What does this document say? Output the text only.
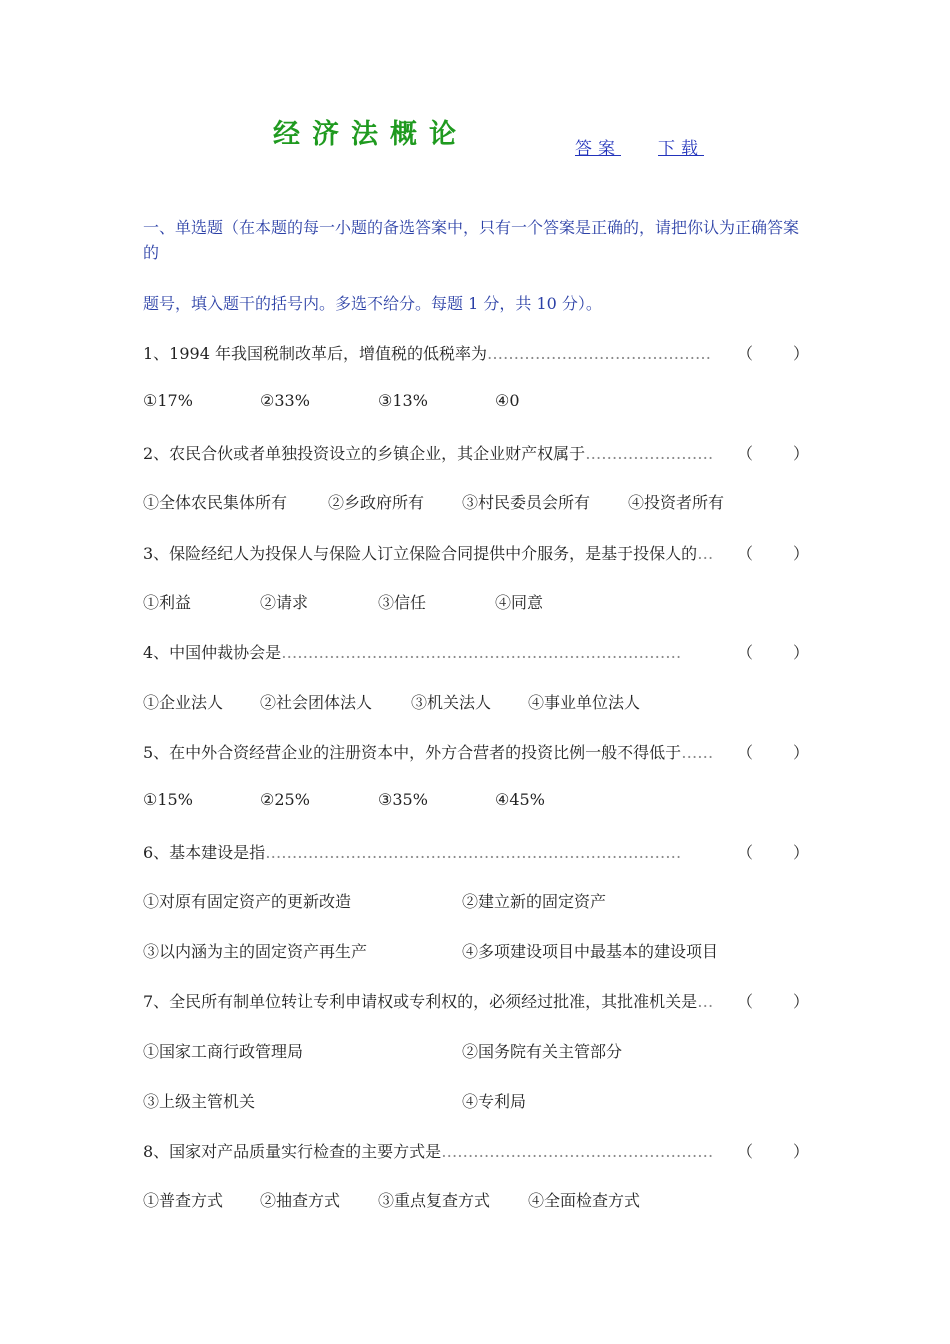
经济法概论	答案 下载
一、单选题（在本题的每一小题的备选答案中，只有一个答案是正确的，请把你认为正确答案的
题号，填入题干的括号内。多选不给分。每题 1 分，共 10 分）。
1、1994 年我国税制改革后，增值税的低税率为…………………………………… （ ）
①17%	②33%	③13%	④0
2、农民合伙或者单独投资设立的乡镇企业，其企业财产权属于…………………… （ ）
①全体农民集体所有	②乡政府所有 ③村民委员会所有 ④投资者所有
3、保险经纪人为投保人与保险人订立保险合同提供中介服务，是基于投保人的… （ ）
①利益	②请求	③信任	④同意
4、中国仲裁协会是…………………………………………………………………	（ ）
①企业法人 ②社会团体法人 ③机关法人 ④事业单位法人
5、在中外合资经营企业的注册资本中，外方合营者的投资比例一般不得低于…… （ ）
①15%	②25%	③35%	④45%
6、基本建设是指……………………………………………………………………	（ ）
①对原有固定资产的更新改造	②建立新的固定资产
③以内涵为主的固定资产再生产	④多项建设项目中最基本的建设项目
7、全民所有制单位转让专利申请权或专利权的，必须经过批准，其批准机关是… （ ）
①国家工商行政管理局	②国务院有关主管部分
③上级主管机关	④专利局
8、国家对产品质量实行检查的主要方式是…………………………………………… （ ）
①普查方式 ②抽查方式 ③重点复查方式 ④全面检查方式
